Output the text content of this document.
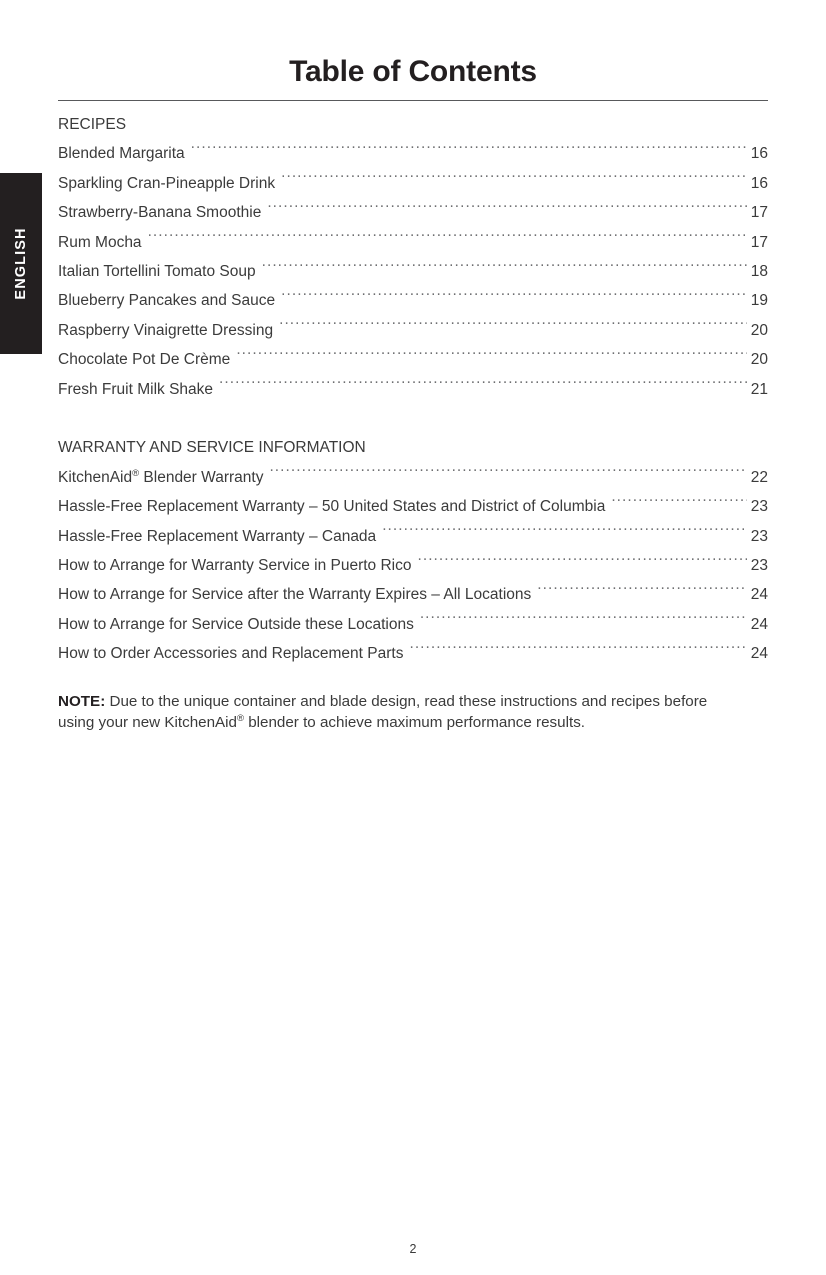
ENGLISH
Table of Contents
RECIPES
Blended Margarita .....	16
Sparkling Cran-Pineapple Drink .....	16
Strawberry-Banana Smoothie .....	17
Rum Mocha .....	17
Italian Tortellini Tomato Soup .....	18
Blueberry Pancakes and Sauce .....	19
Raspberry Vinaigrette Dressing .....	20
Chocolate Pot De Crème .....	20
Fresh Fruit Milk Shake .....	21
WARRANTY AND SERVICE INFORMATION
KitchenAid® Blender Warranty .....	22
Hassle-Free Replacement Warranty – 50 United States and District of Columbia .....	23
Hassle-Free Replacement Warranty – Canada .....	23
How to Arrange for Warranty Service in Puerto Rico .....	23
How to Arrange for Service after the Warranty Expires – All Locations .....	24
How to Arrange for Service Outside these Locations .....	24
How to Order Accessories and Replacement Parts .....	24

NOTE: Due to the unique container and blade design, read these instructions and recipes before using your new KitchenAid® blender to achieve maximum performance results.

2
